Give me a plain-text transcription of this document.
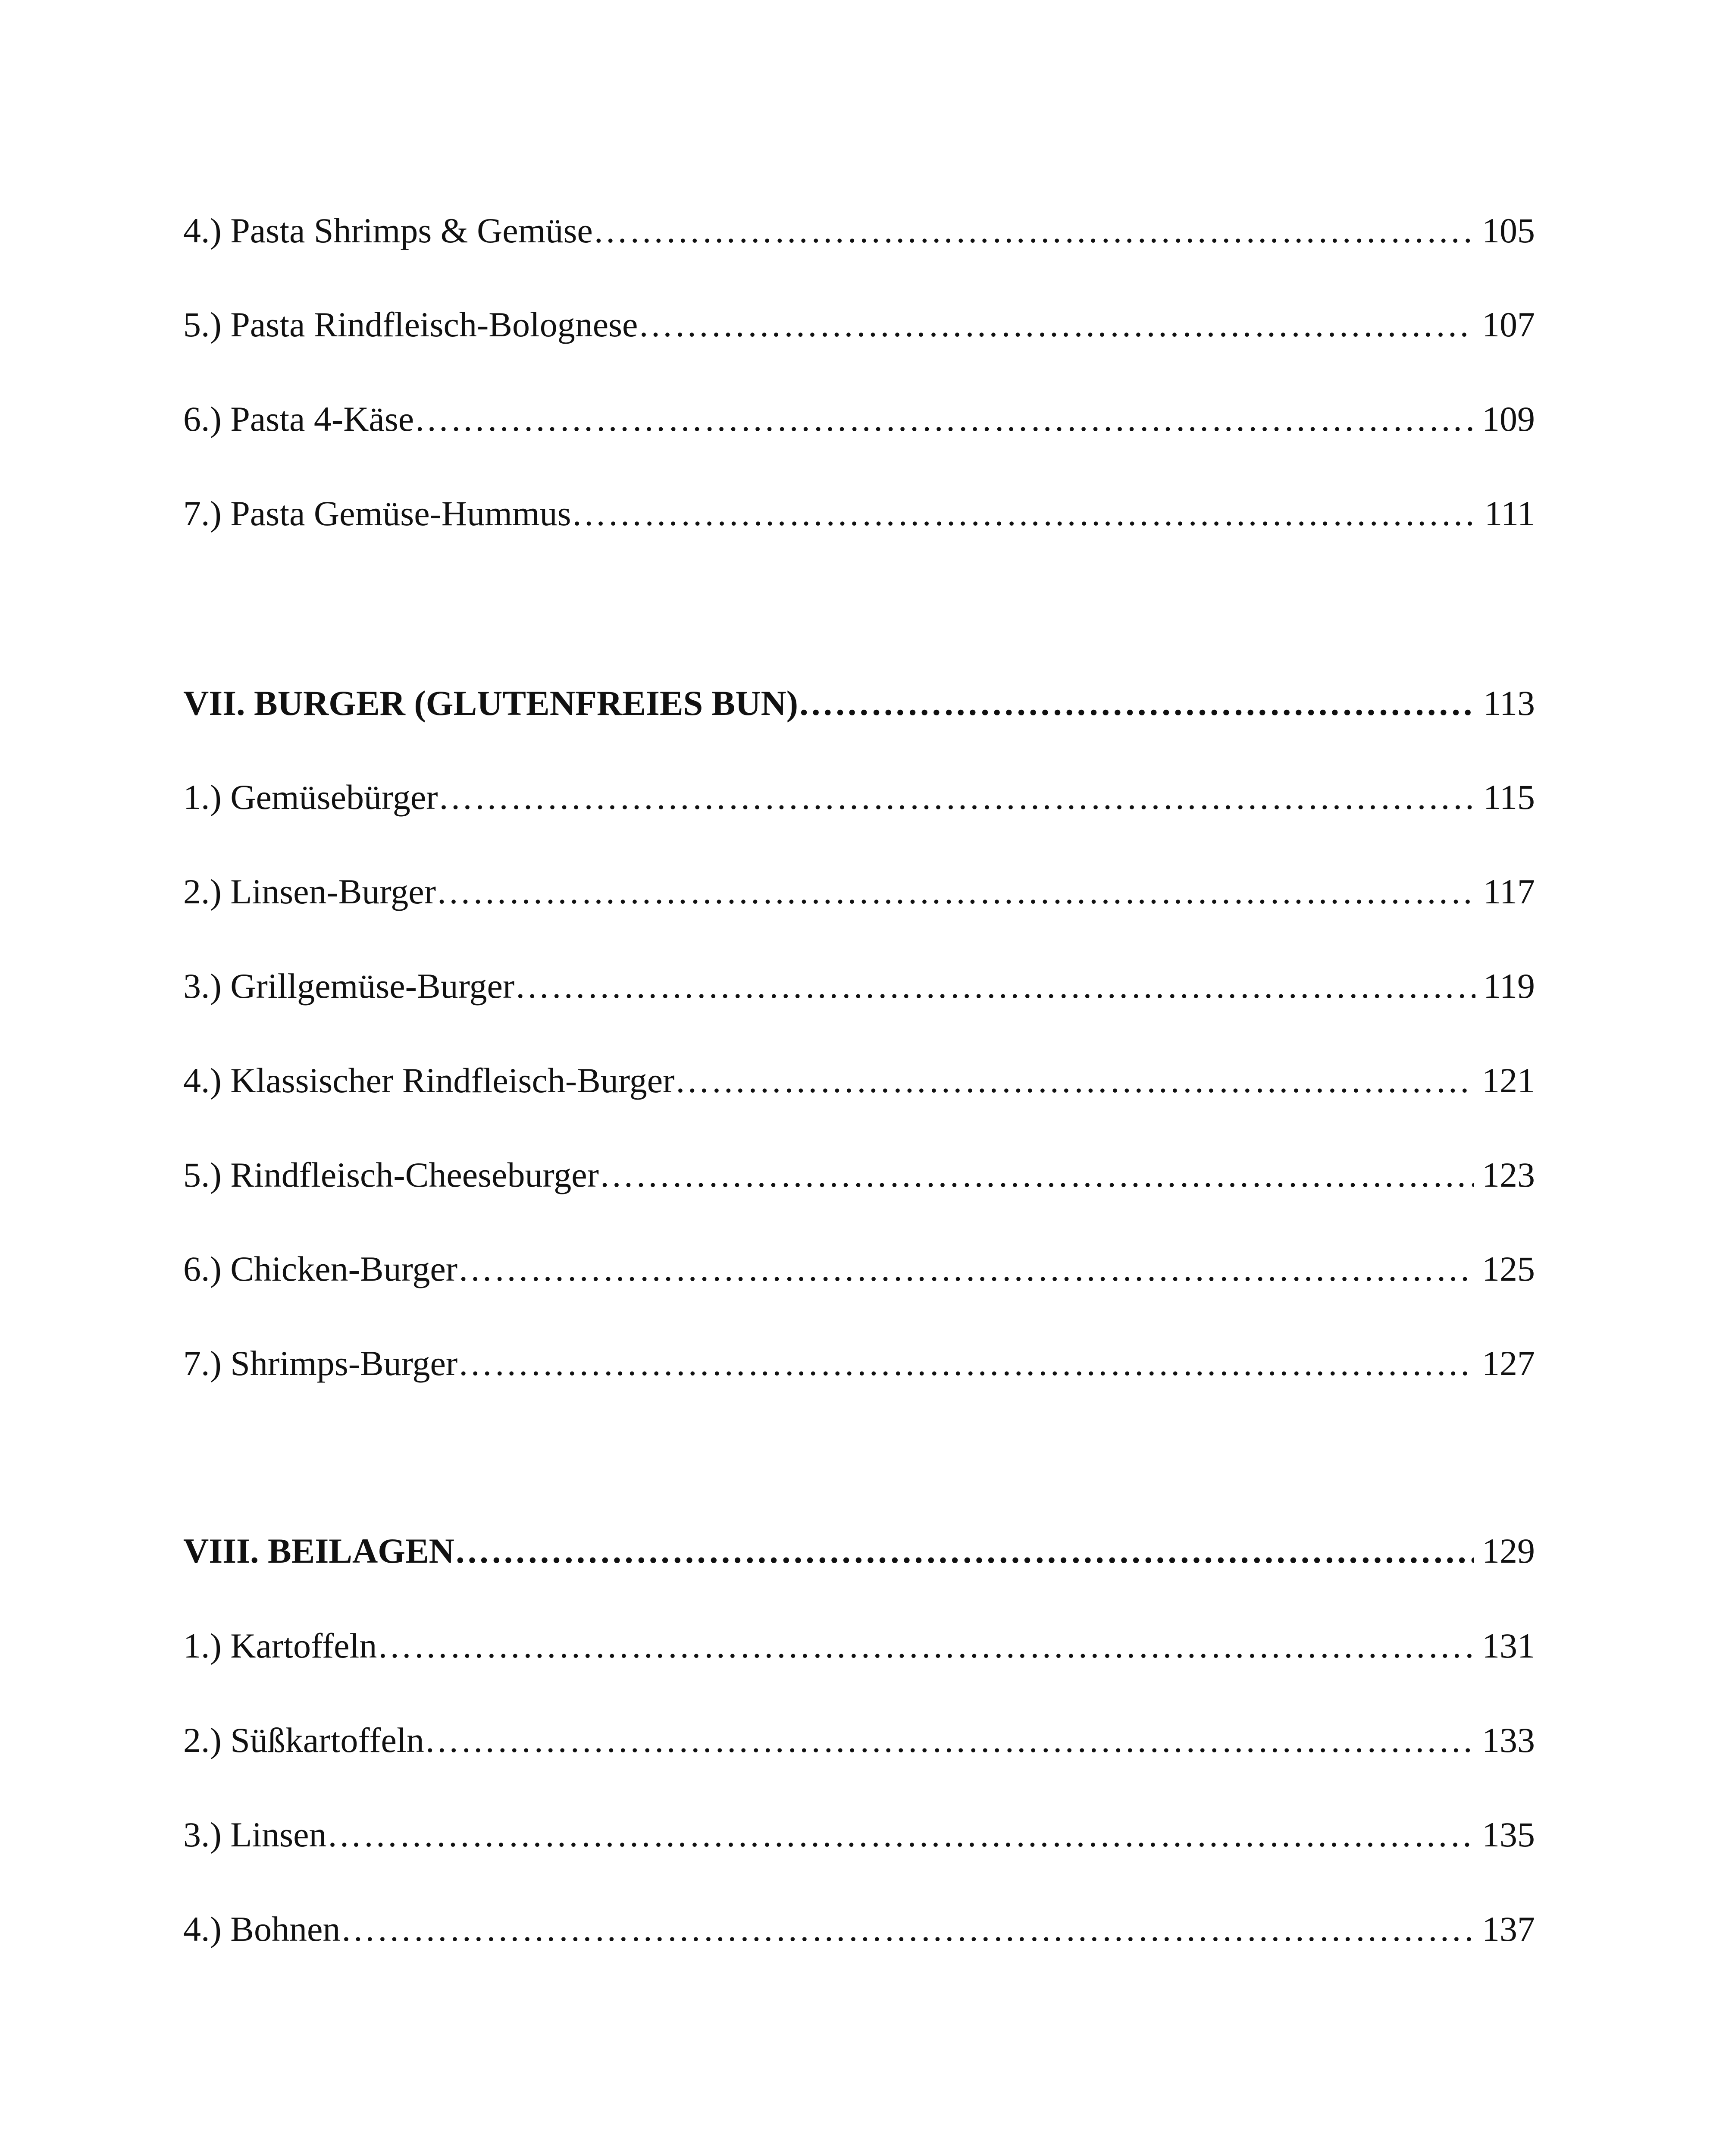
4.) Pasta Shrimps & Gemüse …………………………………………………………………………………………………………………………………………………………………………………………………………………………………………………………………………………………	105
5.) Pasta Rindfleisch-Bolognese …………………………………………………………………………………………………………………………………………………………………………………………………………………………………………………………………………………………	107
6.) Pasta 4-Käse …………………………………………………………………………………………………………………………………………………………………………………………………………………………………………………………………………………………	109
7.) Pasta Gemüse-Hummus …………………………………………………………………………………………………………………………………………………………………………………………………………………………………………………………………………………………	111
VII. BURGER (GLUTENFREIES BUN) …………………………………………………………………………………………………………………………………………………………………………………………………………………………………………………………………………………………	113
1.) Gemüsebürger …………………………………………………………………………………………………………………………………………………………………………………………………………………………………………………………………………………………	115
2.) Linsen-Burger …………………………………………………………………………………………………………………………………………………………………………………………………………………………………………………………………………………………	117
3.) Grillgemüse-Burger …………………………………………………………………………………………………………………………………………………………………………………………………………………………………………………………………………………………	119
4.) Klassischer Rindfleisch-Burger …………………………………………………………………………………………………………………………………………………………………………………………………………………………………………………………………………………………	121
5.) Rindfleisch-Cheeseburger …………………………………………………………………………………………………………………………………………………………………………………………………………………………………………………………………………………………	123
6.) Chicken-Burger …………………………………………………………………………………………………………………………………………………………………………………………………………………………………………………………………………………………	125
7.) Shrimps-Burger …………………………………………………………………………………………………………………………………………………………………………………………………………………………………………………………………………………………	127
VIII. BEILAGEN …………………………………………………………………………………………………………………………………………………………………………………………………………………………………………………………………………………………	129
1.) Kartoffeln …………………………………………………………………………………………………………………………………………………………………………………………………………………………………………………………………………………………	131
2.) Süßkartoffeln …………………………………………………………………………………………………………………………………………………………………………………………………………………………………………………………………………………………	133
3.) Linsen …………………………………………………………………………………………………………………………………………………………………………………………………………………………………………………………………………………………	135
4.) Bohnen …………………………………………………………………………………………………………………………………………………………………………………………………………………………………………………………………………………………	137
